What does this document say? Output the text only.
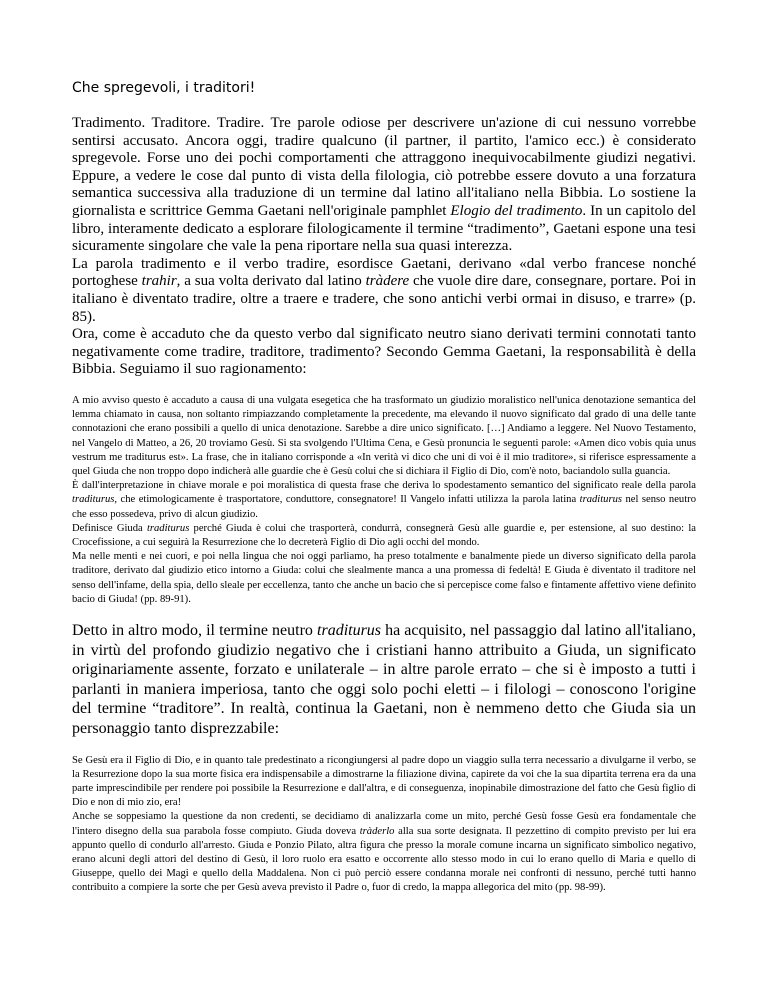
Che spregevoli, i traditori!

Tradimento. Traditore. Tradire. Tre parole odiose per descrivere un'azione di cui nessuno vorrebbe sentirsi accusato. Ancora oggi, tradire qualcuno (il partner, il partito, l'amico ecc.) è considerato spregevole. Forse uno dei pochi comportamenti che attraggono inequivocabilmente giudizi negativi. Eppure, a vedere le cose dal punto di vista della filologia, ciò potrebbe essere dovuto a una forzatura semantica successiva alla traduzione di un termine dal latino all'italiano nella Bibbia. Lo sostiene la giornalista e scrittrice Gemma Gaetani nell'originale pamphlet Elogio del tradimento. In un capitolo del libro, interamente dedicato a esplorare filologicamente il termine “tradimento”, Gaetani espone una tesi sicuramente singolare che vale la pena riportare nella sua quasi interezza.

La parola tradimento e il verbo tradire, esordisce Gaetani, derivano «dal verbo francese nonché portoghese trahir, a sua volta derivato dal latino tràdere che vuole dire dare, consegnare, portare. Poi in italiano è diventato tradire, oltre a traere e tradere, che sono antichi verbi ormai in disuso, e trarre» (p. 85).

Ora, come è accaduto che da questo verbo dal significato neutro siano derivati termini connotati tanto negativamente come tradire, traditore, tradimento? Secondo Gemma Gaetani, la responsabilità è della Bibbia. Seguiamo il suo ragionamento:

A mio avviso questo è accaduto a causa di una vulgata esegetica che ha trasformato un giudizio moralistico nell'unica denotazione semantica del lemma chiamato in causa, non soltanto rimpiazzando completamente la precedente, ma elevando il nuovo significato dal grado di una delle tante connotazioni che erano possibili a quello di unica denotazione. Sarebbe a dire unico significato. […] Andiamo a leggere. Nel Nuovo Testamento, nel Vangelo di Matteo, a 26, 20 troviamo Gesù. Si sta svolgendo l'Ultima Cena, e Gesù pronuncia le seguenti parole: «Amen dico vobis quia unus vestrum me traditurus est». La frase, che in italiano corrisponde a «In verità vi dico che uni di voi è il mio traditore», si riferisce espressamente a quel Giuda che non troppo dopo indicherà alle guardie che è Gesù colui che si dichiara il Figlio di Dio, com'è noto, baciandolo sulla guancia.

È dall'interpretazione in chiave morale e poi moralistica di questa frase che deriva lo spodestamento semantico del significato reale della parola traditurus, che etimologicamente è trasportatore, conduttore, consegnatore! Il Vangelo infatti utilizza la parola latina traditurus nel senso neutro che esso possedeva, privo di alcun giudizio.

Definisce Giuda traditurus perché Giuda è colui che trasporterà, condurrà, consegnerà Gesù alle guardie e, per estensione, al suo destino: la Crocefissione, a cui seguirà la Resurrezione che lo decreterà Figlio di Dio agli occhi del mondo.

Ma nelle menti e nei cuori, e poi nella lingua che noi oggi parliamo, ha preso totalmente e banalmente piede un diverso significato della parola traditore, derivato dal giudizio etico intorno a Giuda: colui che slealmente manca a una promessa di fedeltà! E Giuda è diventato il traditore nel senso dell'infame, della spia, dello sleale per eccellenza, tanto che anche un bacio che si percepisce come falso e fintamente affettivo viene definito bacio di Giuda! (pp. 89-91).

Detto in altro modo, il termine neutro traditurus ha acquisito, nel passaggio dal latino all'italiano, in virtù del profondo giudizio negativo che i cristiani hanno attribuito a Giuda, un significato originariamente assente, forzato e unilaterale – in altre parole errato – che si è imposto a tutti i parlanti in maniera imperiosa, tanto che oggi solo pochi eletti – i filologi – conoscono l'origine del termine “traditore”. In realtà, continua la Gaetani, non è nemmeno detto che Giuda sia un personaggio tanto disprezzabile:

Se Gesù era il Figlio di Dio, e in quanto tale predestinato a ricongiungersi al padre dopo un viaggio sulla terra necessario a divulgarne il verbo, se la Resurrezione dopo la sua morte fisica era indispensabile a dimostrarne la filiazione divina, capirete da voi che la sua dipartita terrena era da una parte imprescindibile per rendere poi possibile la Resurrezione e dall'altra, e di conseguenza, inopinabile dimostrazione del fatto che Gesù figlio di Dio e non di mio zio, era!

Anche se soppesiamo la questione da non credenti, se decidiamo di analizzarla come un mito, perché Gesù fosse Gesù era fondamentale che l'intero disegno della sua parabola fosse compiuto. Giuda doveva tràderlo alla sua sorte designata. Il pezzettino di compito previsto per lui era appunto quello di condurlo all'arresto. Giuda e Ponzio Pilato, altra figura che presso la morale comune incarna un significato simbolico negativo, erano alcuni degli attori del destino di Gesù, il loro ruolo era esatto e occorrente allo stesso modo in cui lo erano quello di Maria e quello di Giuseppe, quello dei Magi e quello della Maddalena. Non ci può perciò essere condanna morale nei confronti di nessuno, perché tutti hanno contribuito a compiere la sorte che per Gesù aveva previsto il Padre o, fuor di credo, la mappa allegorica del mito (pp. 98-99).
